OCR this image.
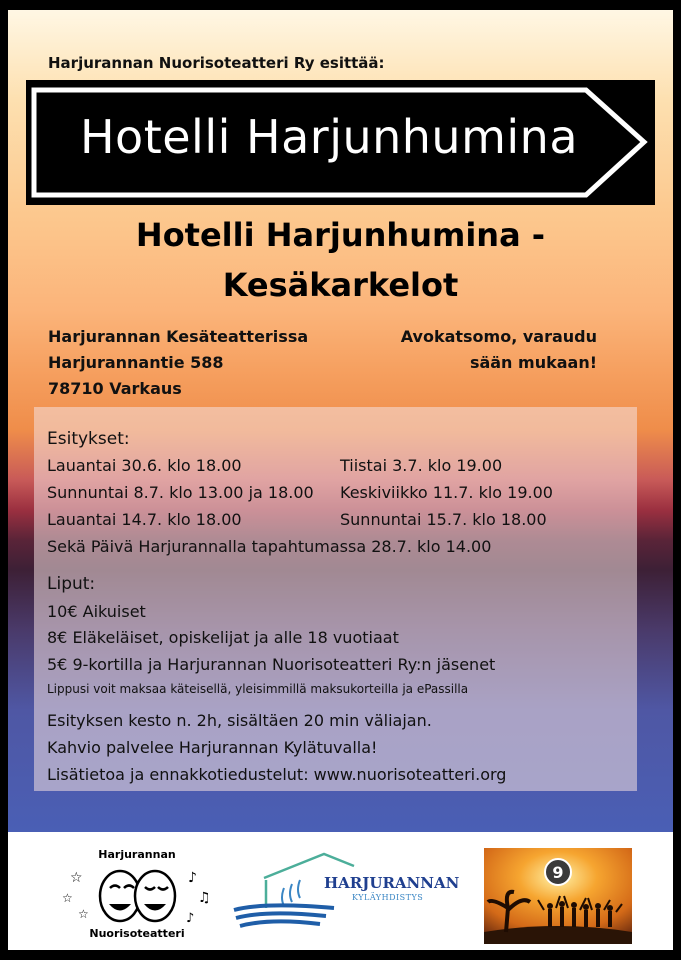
Harjurannan Nuorisoteatteri Ry esittää:
Hotelli Harjunhumina
Hotelli Harjunhumina -
Kesäkarkelot
Harjurannan Kesäteatterissa
Harjurannantie 588
78710 Varkaus
Avokatsomo, varaudu
sään mukaan!
Esitykset:
Lauantai 30.6. klo 18.00
Sunnuntai 8.7. klo 13.00 ja 18.00
Lauantai 14.7. klo 18.00
Tiistai 3.7. klo 19.00
Keskiviikko 11.7. klo 19.00
Sunnuntai 15.7. klo 18.00
Sekä Päivä Harjurannalla tapahtumassa 28.7. klo 14.00
Liput:
10€ Aikuiset
8€ Eläkeläiset, opiskelijat ja alle 18 vuotiaat
5€ 9-kortilla ja Harjurannan Nuorisoteatteri Ry:n jäsenet
Lippusi voit maksaa käteisellä, yleisimmillä maksukorteilla ja ePassilla
Esityksen kesto n. 2h, sisältäen 20 min väliajan.
Kahvio palvelee Harjurannan Kylätuvalla!
Lisätietoa ja ennakkotiedustelut: www.nuorisoteatteri.org
Harjurannan
☆
☆
☆
♪
♫
♪
Nuorisoteatteri
HARJURANNAN
KYLÄYHDISTYS
9
